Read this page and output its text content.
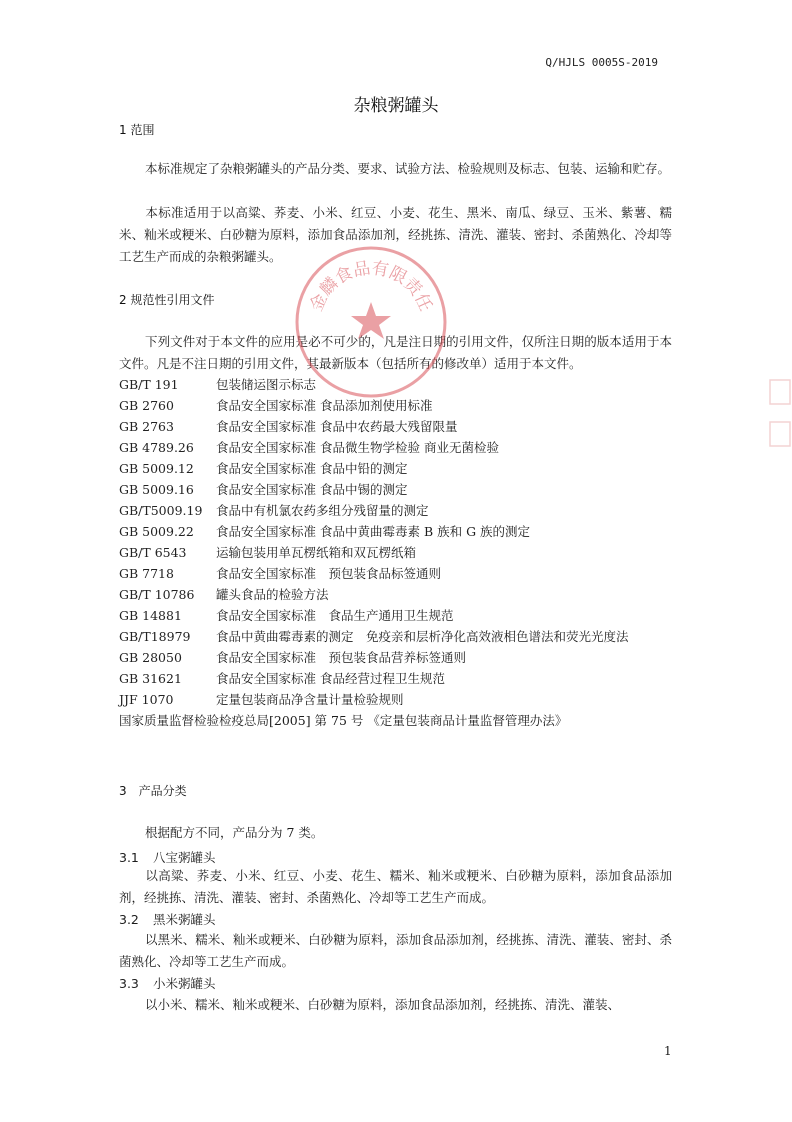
Q/HJLS 0005S-2019
杂粮粥罐头
1 范围
本标准规定了杂粮粥罐头的产品分类、要求、试验方法、检验规则及标志、包装、运输和贮存。
本标准适用于以高粱、荞麦、小米、红豆、小麦、花生、黑米、南瓜、绿豆、玉米、紫薯、糯米、籼米或粳米、白砂糖为原料，添加食品添加剂，经挑拣、清洗、灌装、密封、杀菌熟化、冷却等工艺生产而成的杂粮粥罐头。
2 规范性引用文件
下列文件对于本文件的应用是必不可少的，凡是注日期的引用文件，仅所注日期的版本适用于本文件。凡是不注日期的引用文件，其最新版本（包括所有的修改单）适用于本文件。
GB/T 191	包装储运图示标志
GB 2760	食品安全国家标准 食品添加剂使用标准
GB 2763	食品安全国家标准 食品中农药最大残留限量
GB 4789.26	食品安全国家标准 食品微生物学检验 商业无菌检验
GB 5009.12	食品安全国家标准 食品中铅的测定
GB 5009.16	食品安全国家标准 食品中锡的测定
GB/T5009.19	食品中有机氯农药多组分残留量的测定
GB 5009.22	食品安全国家标准 食品中黄曲霉毒素 B 族和 G 族的测定
GB/T 6543	运输包装用单瓦楞纸箱和双瓦楞纸箱
GB 7718	食品安全国家标准　预包装食品标签通则
GB/T 10786	罐头食品的检验方法
GB 14881	食品安全国家标准　食品生产通用卫生规范
GB/T18979	食品中黄曲霉毒素的测定　免疫亲和层析净化高效液相色谱法和荧光光度法
GB 28050	食品安全国家标准　预包装食品营养标签通则
GB 31621	食品安全国家标准 食品经营过程卫生规范
JJF 1070	定量包装商品净含量计量检验规则
国家质量监督检验检疫总局[2005] 第 75 号 《定量包装商品计量监督管理办法》
3　产品分类
根据配方不同，产品分为 7 类。
3.1 八宝粥罐头
以高粱、荞麦、小米、红豆、小麦、花生、糯米、籼米或粳米、白砂糖为原料，添加食品添加剂，经挑拣、清洗、灌装、密封、杀菌熟化、冷却等工艺生产而成。
3.2 黑米粥罐头
以黑米、糯米、籼米或粳米、白砂糖为原料，添加食品添加剂，经挑拣、清洗、灌装、密封、杀菌熟化、冷却等工艺生产而成。
3.3 小米粥罐头
以小米、糯米、籼米或粳米、白砂糖为原料，添加食品添加剂，经挑拣、清洗、灌装、
1
金麟食品有限责任
